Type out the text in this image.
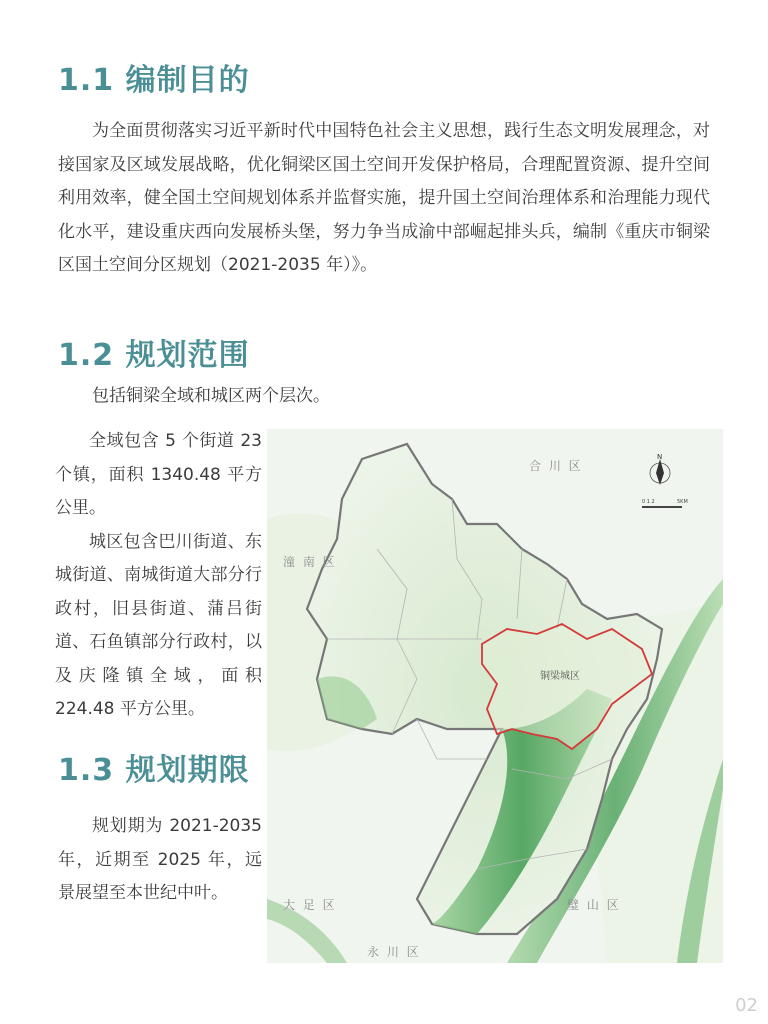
1.1 编制目的

为全面贯彻落实习近平新时代中国特色社会主义思想，践行生态文明发展理念，对接国家及区域发展战略，优化铜梁区国土空间开发保护格局，合理配置资源、提升空间利用效率，健全国土空间规划体系并监督实施，提升国土空间治理体系和治理能力现代化水平，建设重庆西向发展桥头堡，努力争当成渝中部崛起排头兵，编制《重庆市铜梁区国土空间分区规划（2021-2035 年）》。

1.2 规划范围

包括铜梁全域和城区两个层次。

全域包含 5 个街道 23 个镇，面积 1340.48 平方公里。

城区包含巴川街道、东城街道、南城街道大部分行政村，旧县街道、蒲吕街道、石鱼镇部分行政村，以及庆隆镇全域，面积 224.48 平方公里。

1.3 规划期限

规划期为 2021-2035 年，近期至 2025 年，远景展望至本世纪中叶。

合 川 区
潼 南 区
大 足 区	璧 山 区
永 川 区
铜梁城区
N
0 1 2	5KM
02
